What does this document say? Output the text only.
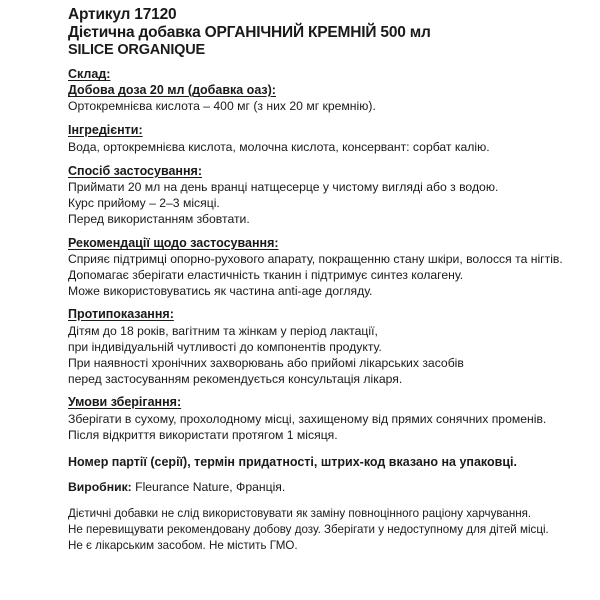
Артикул 17120
Дієтична добавка ОРГАНІЧНИЙ КРЕМНІЙ 500 мл
SILICE ORGANIQUE
Склад:
Добова доза 20 мл (добавка оаз):
Ортокремнієва кислота – 400 мг (з них 20 мг кремнію).
Інгредієнти:
Вода, ортокремнієва кислота, молочна кислота, консервант: сорбат калію.
Спосіб застосування:
Приймати 20 мл на день вранці натщесерце у чистому вигляді або з водою.
Курс прийому – 2–3 місяці.
Перед використанням збовтати.
Рекомендації щодо застосування:
Сприяє підтримці опорно-рухового апарату, покращенню стану шкіри, волосся та нігтів.
Допомагає зберігати еластичність тканин і підтримує синтез колагену.
Може використовуватись як частина anti-age догляду.
Протипоказання:
Дітям до 18 років, вагітним та жінкам у період лактації,
при індивідуальній чутливості до компонентів продукту.
При наявності хронічних захворювань або прийомі лікарських засобів
перед застосуванням рекомендується консультація лікаря.
Умови зберігання:
Зберігати в сухому, прохолодному місці, захищеному від прямих сонячних променів.
Після відкриття використати протягом 1 місяця.
Номер партії (серії), термін придатності, штрих-код вказано на упаковці.
Виробник: Fleurance Nature, Франція.
Дієтичні добавки не слід використовувати як заміну повноцінного раціону харчування.
Не перевищувати рекомендовану добову дозу. Зберігати у недоступному для дітей місці.
Не є лікарським засобом. Не містить ГМО.
